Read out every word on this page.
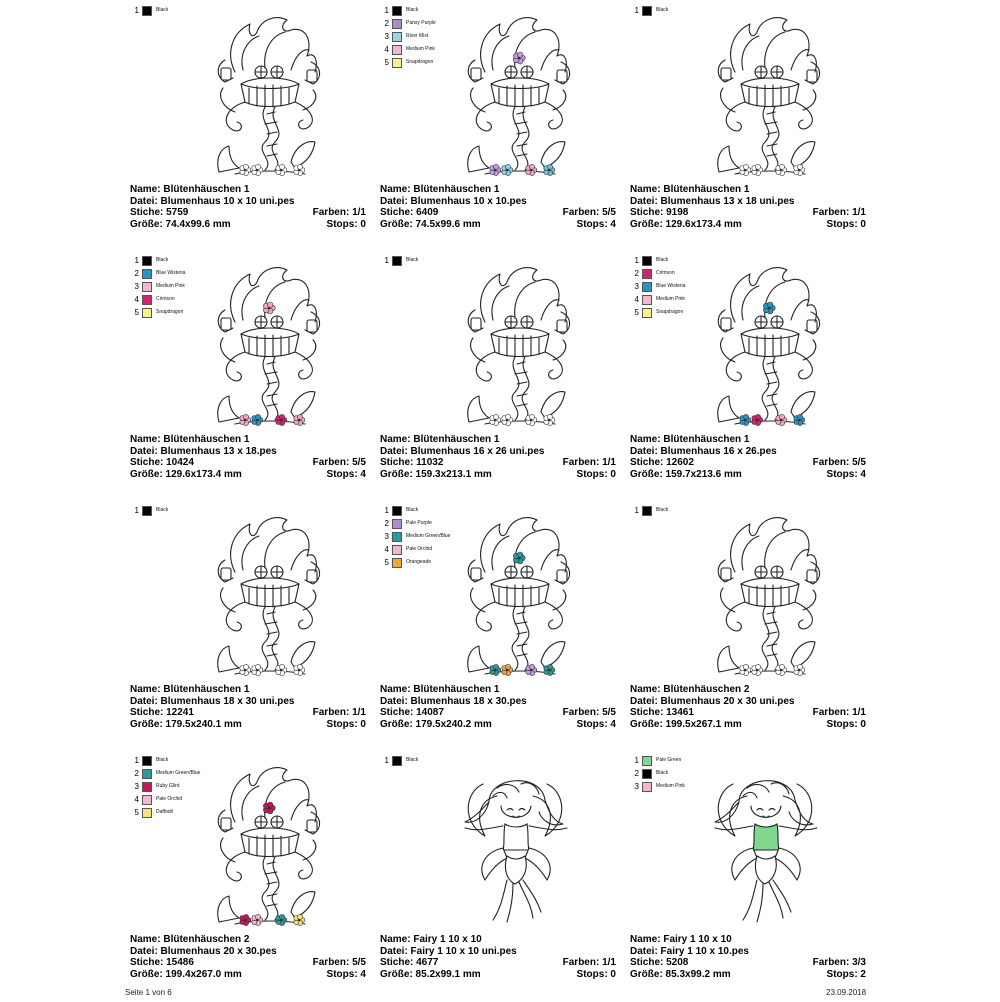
1	Black
Name: Blütenhäuschen 1
Datei: Blumenhaus 10 x 10 uni.pes
Stiche: 5759	Farben: 1/1
Größe: 74.4x99.6 mm	Stops: 0
1	Black
2	Pansy Purple
3	River Mist
4	Medium Pink
5	Snapdragon
Name: Blütenhäuschen 1
Datei: Blumenhaus 10 x 10.pes
Stiche: 6409	Farben: 5/5
Größe: 74.5x99.6 mm	Stops: 4
1	Black
Name: Blütenhäuschen 1
Datei: Blumenhaus 13 x 18 uni.pes
Stiche: 9198	Farben: 1/1
Größe: 129.6x173.4 mm	Stops: 0
1	Black
2	Blue Wisteria
3	Medium Pink
4	Crimson
5	Snapdragon
Name: Blütenhäuschen 1
Datei: Blumenhaus 13 x 18.pes
Stiche: 10424	Farben: 5/5
Größe: 129.6x173.4 mm	Stops: 4
1	Black
Name: Blütenhäuschen 1
Datei: Blumenhaus 16 x 26 uni.pes
Stiche: 11032	Farben: 1/1
Größe: 159.3x213.1 mm	Stops: 0
1	Black
2	Crimson
3	Blue Wisteria
4	Medium Pink
5	Snapdragon
Name: Blütenhäuschen 1
Datei: Blumenhaus 16 x 26.pes
Stiche: 12602	Farben: 5/5
Größe: 159.7x213.6 mm	Stops: 4
1	Black
Name: Blütenhäuschen 1
Datei: Blumenhaus 18 x 30 uni.pes
Stiche: 12241	Farben: 1/1
Größe: 179.5x240.1 mm	Stops: 0
1	Black
2	Pale Purple
3	Medium Green/Blue
4	Pale Orchid
5	Orangeade
Name: Blütenhäuschen 1
Datei: Blumenhaus 18 x 30.pes
Stiche: 14087	Farben: 5/5
Größe: 179.5x240.2 mm	Stops: 4
1	Black
Name: Blütenhäuschen 2
Datei: Blumenhaus 20 x 30 uni.pes
Stiche: 13461	Farben: 1/1
Größe: 199.5x267.1 mm	Stops: 0
1	Black
2	Medium Green/Blue
3	Ruby Glint
4	Pale Orchid
5	Daffodil
Name: Blütenhäuschen 2
Datei: Blumenhaus 20 x 30.pes
Stiche: 15486	Farben: 5/5
Größe: 199.4x267.0 mm	Stops: 4
1	Black
Name: Fairy 1 10 x 10
Datei: Fairy 1 10 x 10 uni.pes
Stiche: 4677	Farben: 1/1
Größe: 85.2x99.1 mm	Stops: 0
1	Pale Green
2	Black
3	Medium Pink
Name: Fairy 1 10 x 10
Datei: Fairy 1 10 x 10.pes
Stiche: 5208	Farben: 3/3
Größe: 85.3x99.2 mm	Stops: 2
Seite 1 von 6	23.09.2018
